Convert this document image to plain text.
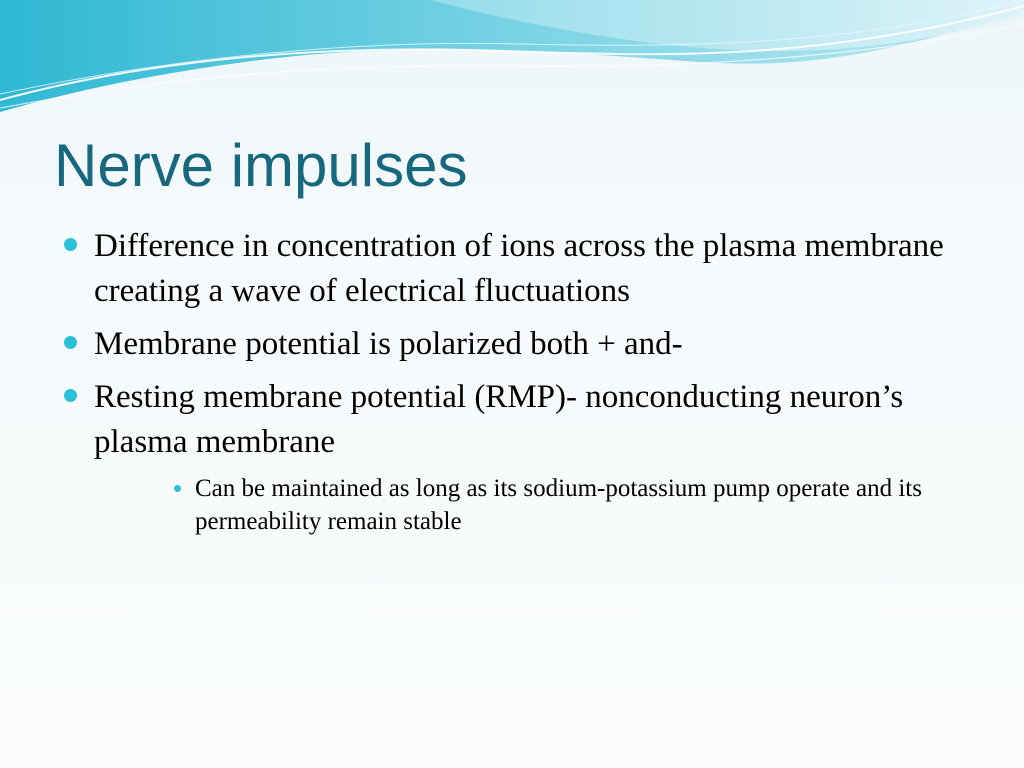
Nerve impulses
Difference in concentration of ions across the plasma membrane creating a wave of electrical fluctuations
Membrane potential is polarized both + and-
Resting membrane potential (RMP)- nonconducting neuron’s plasma membrane
Can be maintained as long as its sodium-potassium pump operate and its permeability remain stable
